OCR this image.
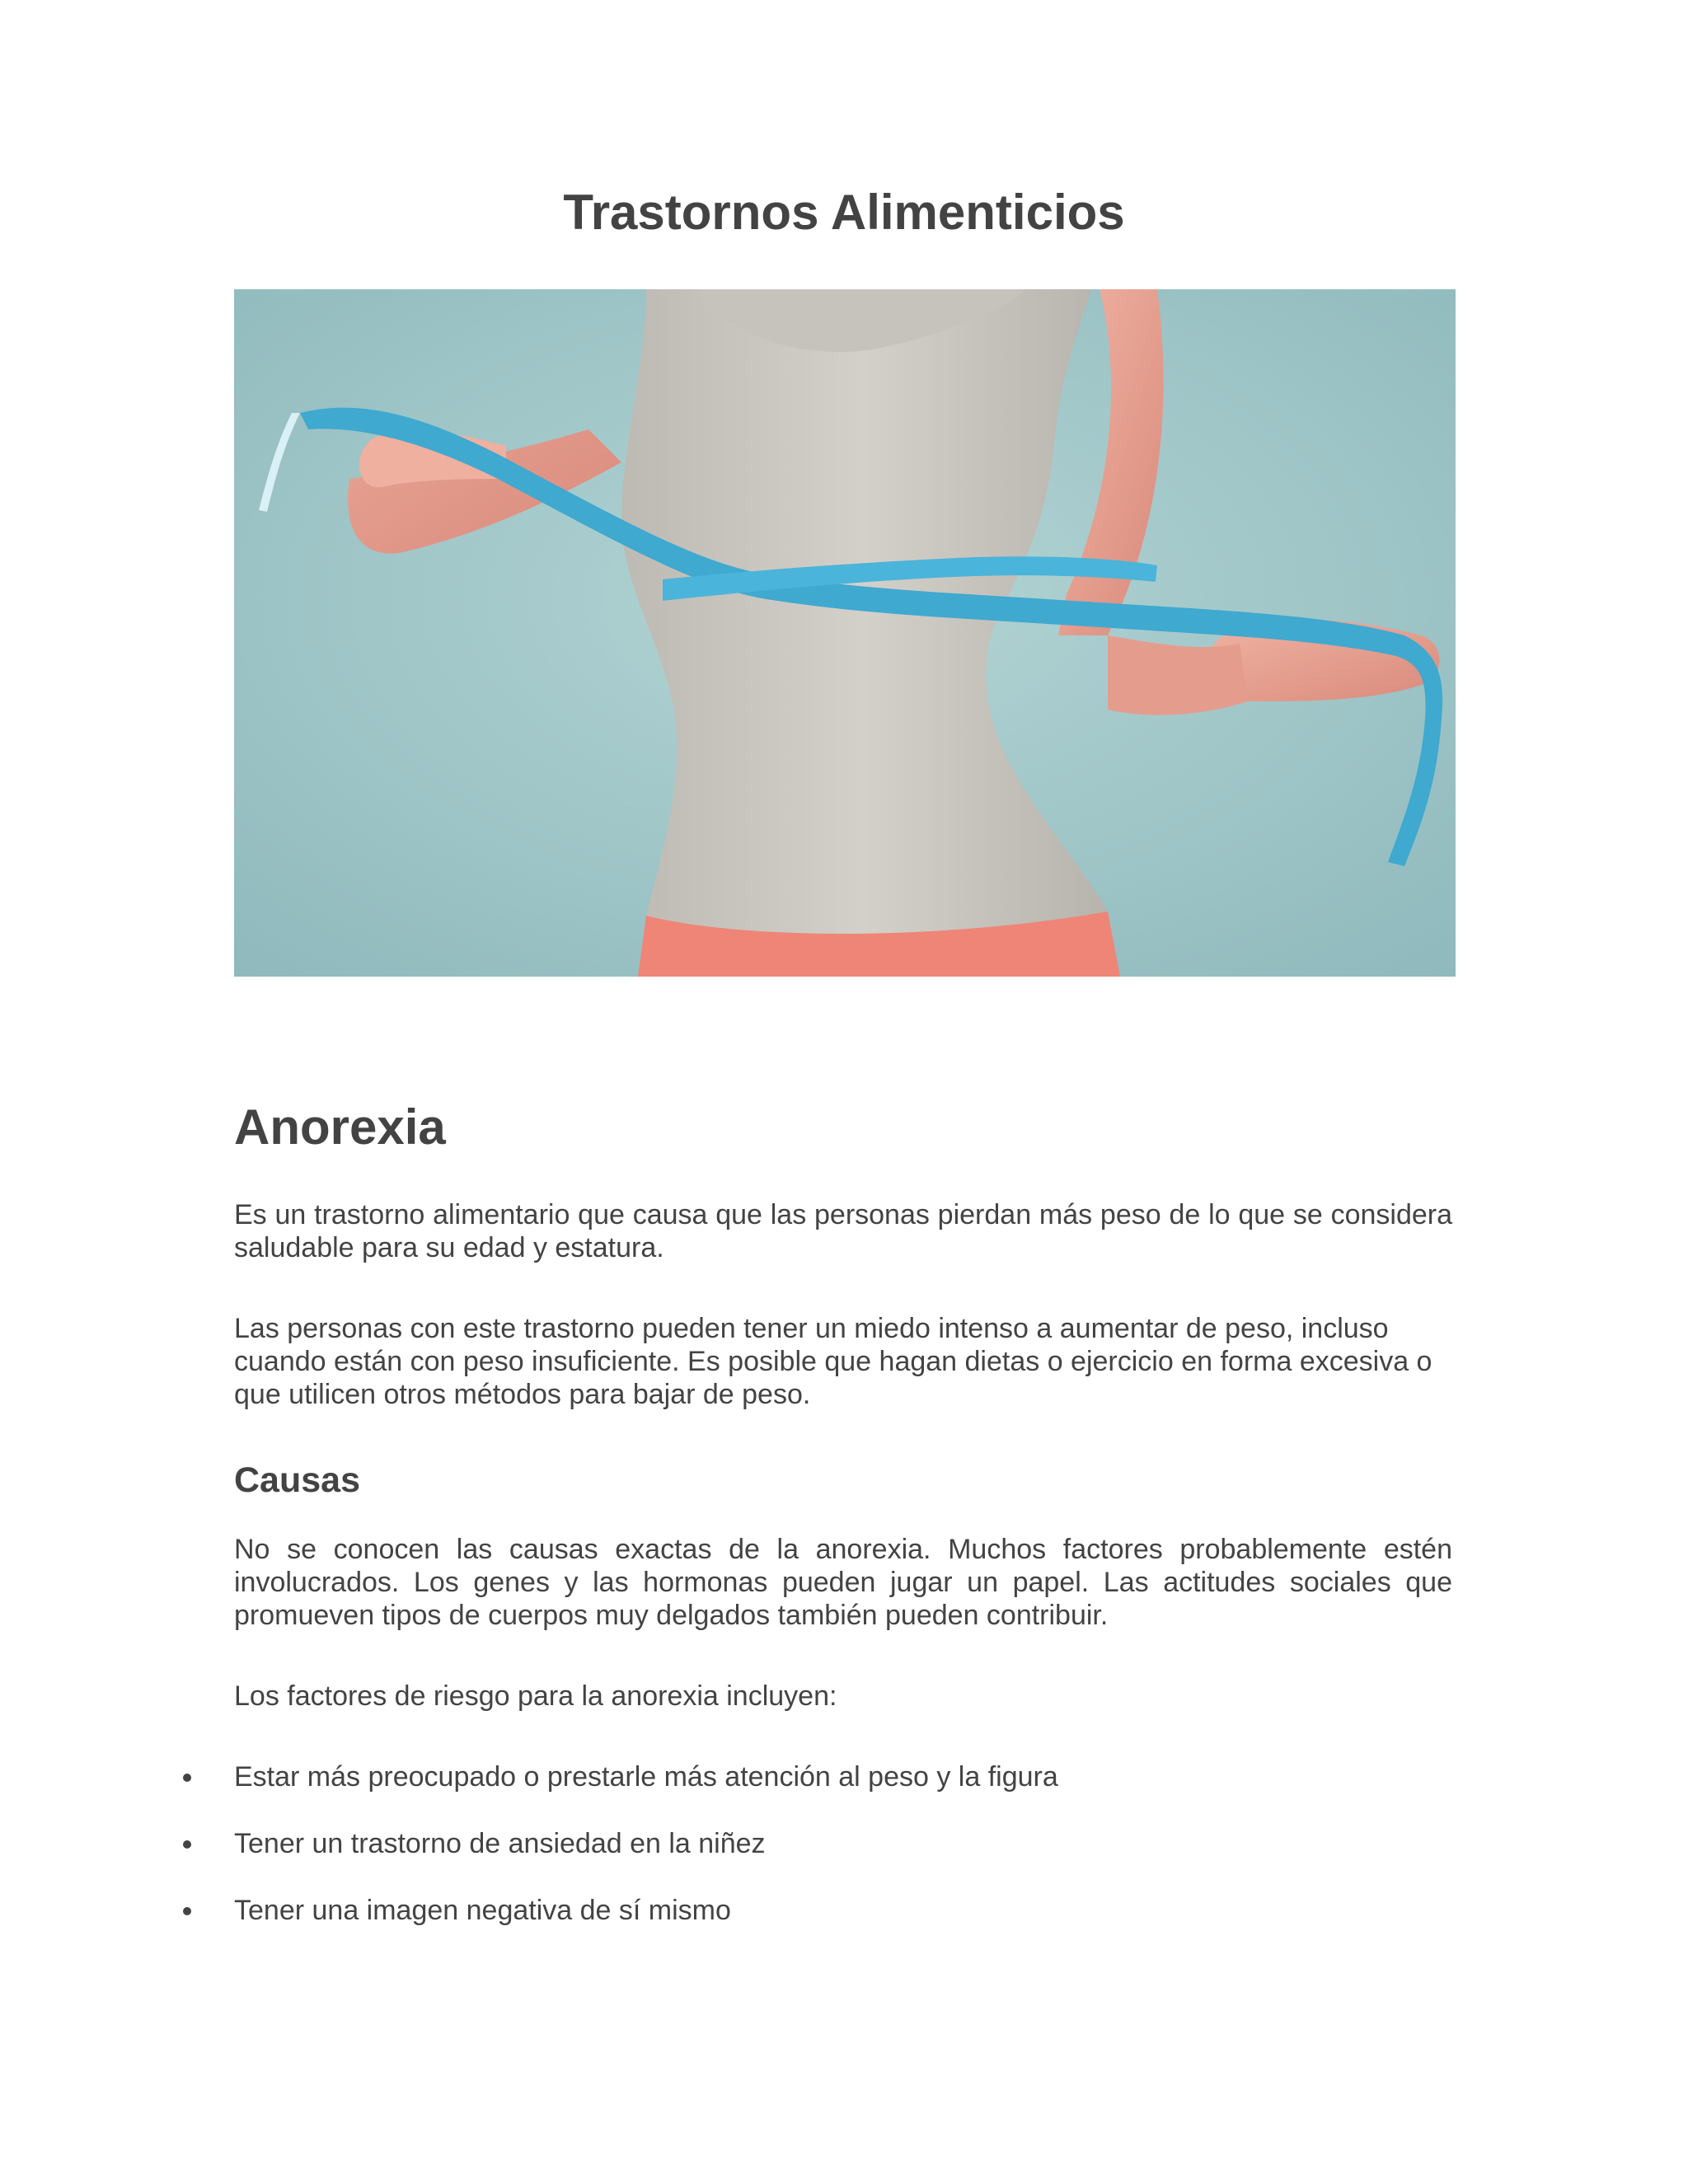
Trastornos Alimenticios
Anorexia

Es un trastorno alimentario que causa que las personas pierdan más peso de lo que se considera saludable para su edad y estatura.

Las personas con este trastorno pueden tener un miedo intenso a aumentar de peso, incluso cuando están con peso insuficiente. Es posible que hagan dietas o ejercicio en forma excesiva o que utilicen otros métodos para bajar de peso.

Causas

No se conocen las causas exactas de la anorexia. Muchos factores probablemente estén involucrados. Los genes y las hormonas pueden jugar un papel. Las actitudes sociales que promueven tipos de cuerpos muy delgados también pueden contribuir.

Los factores de riesgo para la anorexia incluyen:

Estar más preocupado o prestarle más atención al peso y la figura
Tener un trastorno de ansiedad en la niñez
Tener una imagen negativa de sí mismo
